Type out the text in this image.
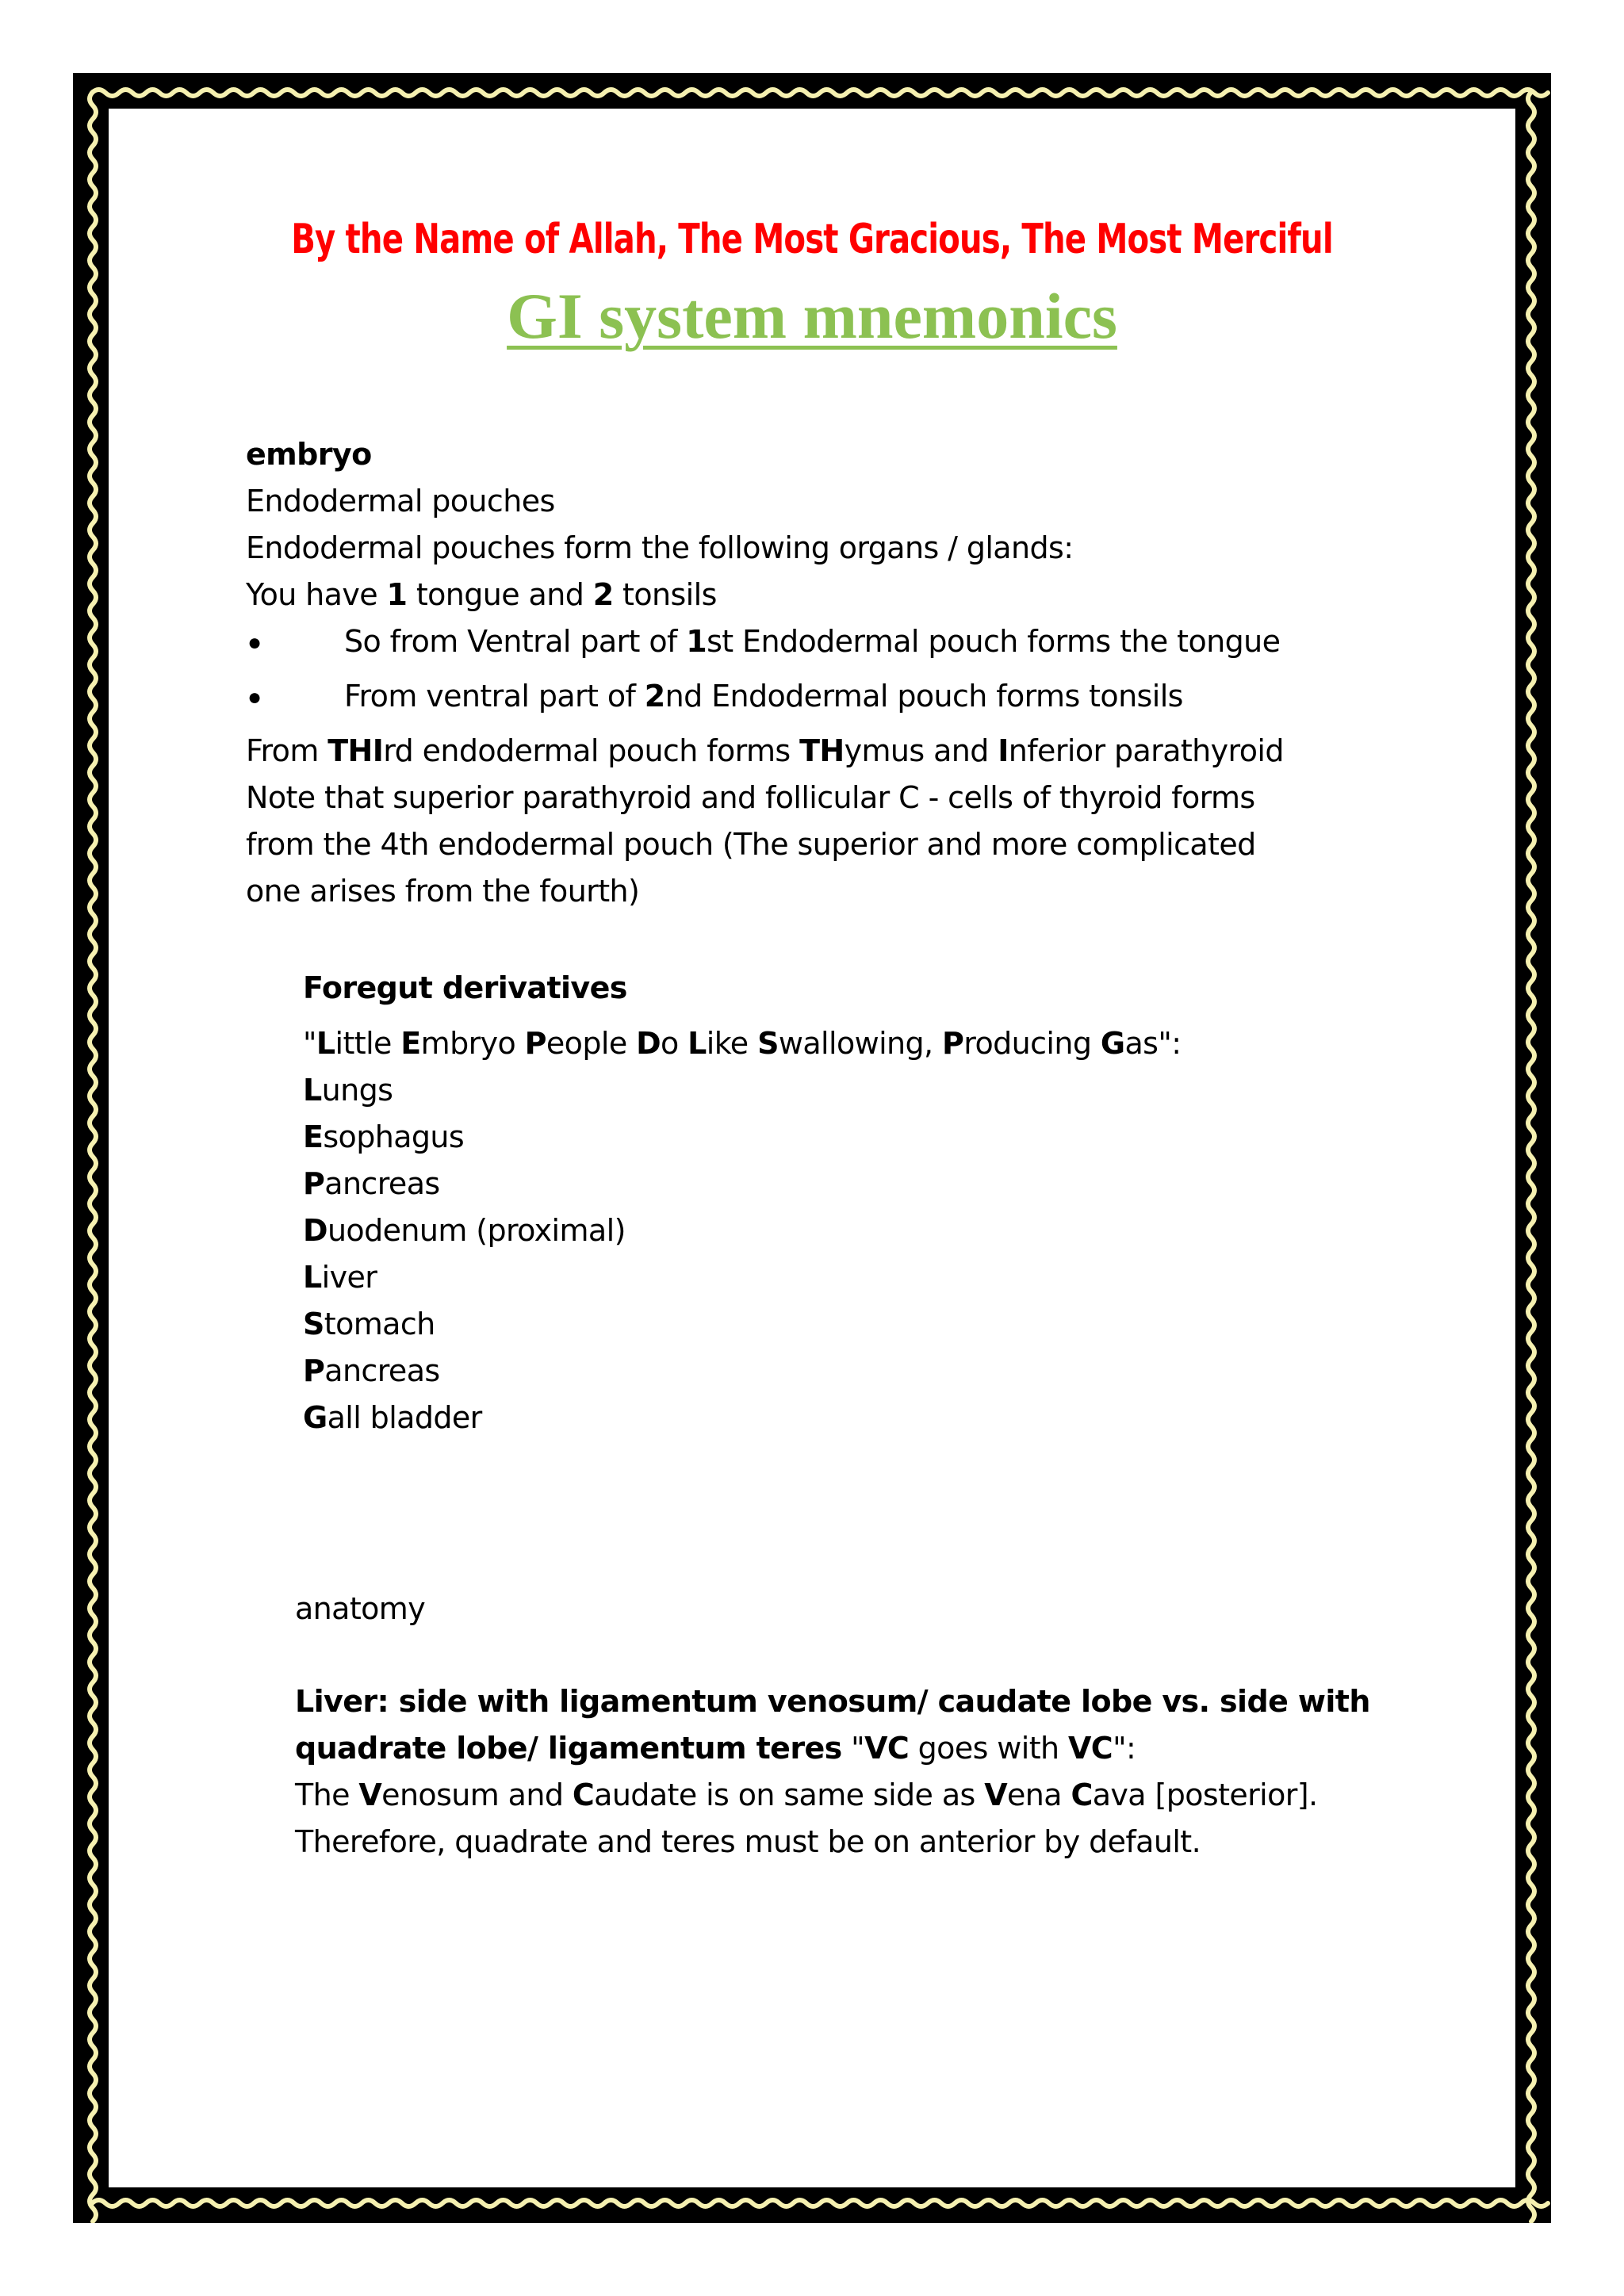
By the Name of Allah, The Most Gracious, The Most Merciful
GI system mnemonics
embryo
Endodermal pouches
Endodermal pouches form the following organs / glands:
You have 1 tongue and 2 tonsils
●	So from Ventral part of 1st Endodermal pouch forms the tongue
●	From ventral part of 2nd Endodermal pouch forms tonsils
From THIrd endodermal pouch forms THymus and Inferior parathyroid
Note that superior parathyroid and follicular C - cells of thyroid forms
from the 4th endodermal pouch (The superior and more complicated
one arises from the fourth)
Foregut derivatives
"Little Embryo People Do Like Swallowing, Producing Gas":
Lungs
Esophagus
Pancreas
Duodenum (proximal)
Liver
Stomach
Pancreas
Gall bladder
anatomy
Liver: side with ligamentum venosum/ caudate lobe vs. side with
quadrate lobe/ ligamentum teres "VC goes with VC":
The Venosum and Caudate is on same side as Vena Cava [posterior].
Therefore, quadrate and teres must be on anterior by default.
